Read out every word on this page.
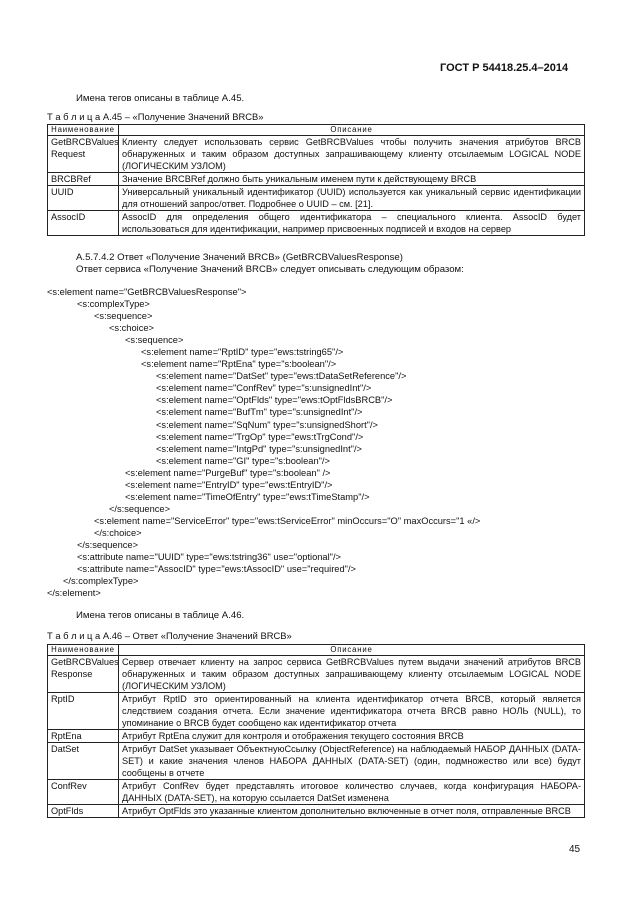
ГОСТ Р 54418.25.4–2014
Имена тегов описаны в таблице А.45.
Т а б л и ц а А.45 – «Получение Значений BRCB»
Наименование	Описание
GetBRCBValues
Request	Клиенту следует использовать сервис GetBRCBValues чтобы получить значения атрибутов BRCB обнаруженных и таким образом доступных запрашивающему клиенту отсылаемым LOGICAL NODE (ЛОГИЧЕСКИМ УЗЛОМ)
BRCBRef	Значение BRCBRef должно быть уникальным именем пути к действующему BRCB
UUID	Универсальный уникальный идентификатор (UUID) используется как уникальный сервис идентификации для отношений запрос/ответ. Подробнее о UUID – см. [21].
AssocID	AssocID для определения общего идентификатора – специального клиента. AssocID будет использоваться для идентификации, например присвоенных подписей и входов на сервер
А.5.7.4.2 Ответ «Получение Значений BRCB» (GetBRCBValuesResponse)
Ответ сервиса «Получение Значений BRCB» следует описывать следующим образом:
<s:element name="GetBRCBValuesResponse">
<s:complexType>
<s:sequence>
<s:choice>
<s:sequence>
<s:element name="RptID" type="ews:tstring65"/>
<s:element name="RptEna" type="s:boolean"/>
<s:element name="DatSet" type="ews:tDataSetReference"/>
<s:element name="ConfRev" type="s:unsignedInt"/>
<s:element name="OptFlds" type="ews:tOptFldsBRCB"/>
<s:element name="BufTm" type="s:unsignedInt"/>
<s:element name="SqNum" type="s:unsignedShort"/>
<s:element name="TrgOp" type="ews:tTrgCond"/>
<s:element name="IntgPd" type="s:unsignedInt"/>
<s:element name="GI" type="s:boolean"/>
<s:element name="PurgeBuf" type="s:boolean" />
<s:element name="EntryID" type="ews:tEntryID"/>
<s:element name="TimeOfEntry" type="ews:tTimeStamp"/>
</s:sequence>
<s:element name="ServiceError" type="ews:tServiceError" minOccurs="O" maxOccurs="1 «/>
</s:choice>
</s:sequence>
<s:attribute name="UUID" type="ews:tstring36" use="optional"/>
<s:attribute name="AssocID" type="ews:tAssocID" use="required"/>
</s:complexType>
</s:element>
Имена тегов описаны в таблице А.46.
Т а б л и ц а А.46 – Ответ «Получение Значений BRCB»
Наименование	Описание
GetBRCBValues
Response	Сервер отвечает клиенту на запрос сервиса GetBRCBValues путем выдачи значений атрибутов BRCB обнаруженных и таким образом доступных запрашивающему клиенту отсылаемым LOGICAL NODE (ЛОГИЧЕСКИМ УЗЛОМ)
RptID	Атрибут RptID это ориентированный на клиента идентификатор отчета BRCB, который является следствием создания отчета. Если значение идентификатора отчета BRCB равно НОЛЬ (NULL), то упоминание о BRCB будет сообщено как идентификатор отчета
RptEna	Атрибут RptEna служит для контроля и отображения текущего состояния BRCB
DatSet	Атрибут DatSet указывает ОбъектнуюСсылку (ObjectReference) на наблюдаемый НАБОР ДАННЫХ (DATA-SET) и какие значения членов НАБОРА ДАННЫХ (DATA-SET) (один, подмножество или все) будут сообщены в отчете
ConfRev	Атрибут ConfRev будет представлять итоговое количество случаев, когда конфигурация НАБОРА-ДАННЫХ (DATA-SET), на которую ссылается DatSet изменена
OptFlds	Атрибут OptFlds это указанные клиентом дополнительно включенные в отчет поля, отправленные BRCB
45
